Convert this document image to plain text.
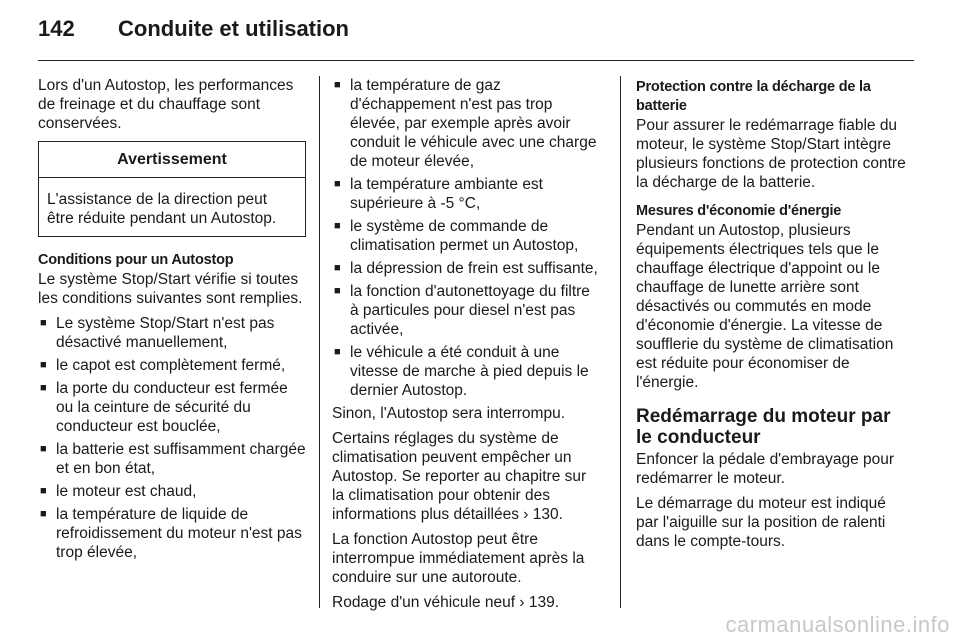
142 Conduite et utilisation

Lors d'un Autostop, les performances de freinage et du chauffage sont conservées.

Avertissement
L'assistance de la direction peut être réduite pendant un Autostop.
Conditions pour un Autostop

Le système Stop/Start vérifie si toutes les conditions suivantes sont remplies.

■ Le système Stop/Start n'est pas désactivé manuellement,
■ le capot est complètement fermé,
■ la porte du conducteur est fermée ou la ceinture de sécurité du conducteur est bouclée,
■ la batterie est suffisamment chargée et en bon état,
■ le moteur est chaud,
■ la température de liquide de refroidissement du moteur n'est pas trop élevée,
■ la température de gaz d'échappement n'est pas trop élevée, par exemple après avoir conduit le véhicule avec une charge de moteur élevée,
■ la température ambiante est supérieure à -5 °C,
■ le système de commande de climatisation permet un Autostop,
■ la dépression de frein est suffisante,
■ la fonction d'autonettoyage du filtre à particules pour diesel n'est pas activée,
■ le véhicule a été conduit à une vitesse de marche à pied depuis le dernier Autostop.

Sinon, l'Autostop sera interrompu.

Certains réglages du système de climatisation peuvent empêcher un Autostop. Se reporter au chapitre sur la climatisation pour obtenir des informations plus détaillées › 130.

La fonction Autostop peut être interrompue immédiatement après la conduire sur une autoroute.

Rodage d'un véhicule neuf › 139.

Protection contre la décharge de la batterie

Pour assurer le redémarrage fiable du moteur, le système Stop/Start intègre plusieurs fonctions de protection contre la décharge de la batterie.

Mesures d'économie d'énergie

Pendant un Autostop, plusieurs équipements électriques tels que le chauffage électrique d'appoint ou le chauffage de lunette arrière sont désactivés ou commutés en mode d'économie d'énergie. La vitesse de soufflerie du système de climatisation est réduite pour économiser de l'énergie.

Redémarrage du moteur par le conducteur

Enfoncer la pédale d'embrayage pour redémarrer le moteur.

Le démarrage du moteur est indiqué par l'aiguille sur la position de ralenti dans le compte-tours.

carmanualsonline.info
